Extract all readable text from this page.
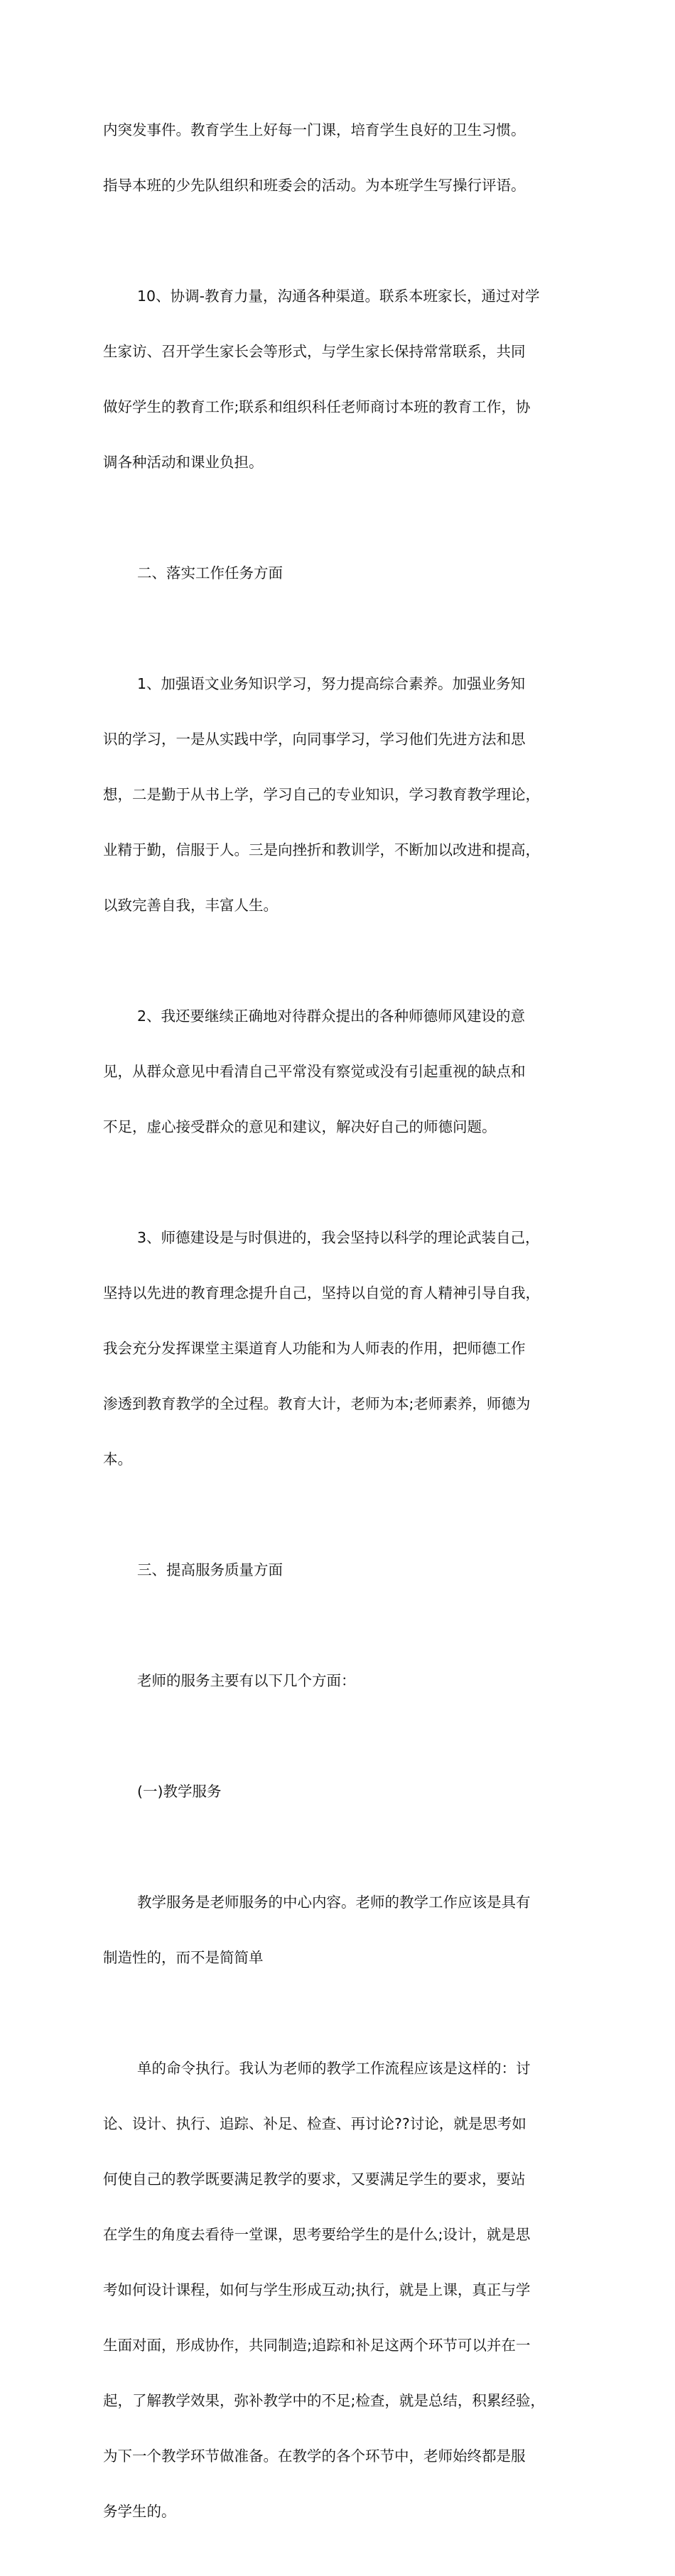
内突发事件。教育学生上好每一门课，培育学生良好的卫生习惯。

指导本班的少先队组织和班委会的活动。为本班学生写操行评语。

10、协调-教育力量，沟通各种渠道。联系本班家长，通过对学

生家访、召开学生家长会等形式，与学生家长保持常常联系，共同

做好学生的教育工作;联系和组织科任老师商讨本班的教育工作，协

调各种活动和课业负担。

二、落实工作任务方面

1、加强语文业务知识学习，努力提高综合素养。加强业务知

识的学习，一是从实践中学，向同事学习，学习他们先进方法和思

想，二是勤于从书上学，学习自己的专业知识，学习教育教学理论，

业精于勤，信服于人。三是向挫折和教训学，不断加以改进和提高，

以致完善自我，丰富人生。

2、我还要继续正确地对待群众提出的各种师德师风建设的意

见，从群众意见中看清自己平常没有察觉或没有引起重视的缺点和

不足，虚心接受群众的意见和建议，解决好自己的师德问题。

3、师德建设是与时俱进的，我会坚持以科学的理论武装自己，

坚持以先进的教育理念提升自己，坚持以自觉的育人精神引导自我，

我会充分发挥课堂主渠道育人功能和为人师表的作用，把师德工作

渗透到教育教学的全过程。教育大计，老师为本;老师素养，师德为

本。

三、提高服务质量方面

老师的服务主要有以下几个方面：

(一)教学服务

教学服务是老师服务的中心内容。老师的教学工作应该是具有

制造性的，而不是简简单

单的命令执行。我认为老师的教学工作流程应该是这样的：讨

论、设计、执行、追踪、补足、检查、再讨论??讨论，就是思考如

何使自己的教学既要满足教学的要求，又要满足学生的要求，要站

在学生的角度去看待一堂课，思考要给学生的是什么;设计，就是思

考如何设计课程，如何与学生形成互动;执行，就是上课，真正与学

生面对面，形成协作，共同制造;追踪和补足这两个环节可以并在一

起，了解教学效果，弥补教学中的不足;检查，就是总结，积累经验，

为下一个教学环节做准备。在教学的各个环节中，老师始终都是服

务学生的。
